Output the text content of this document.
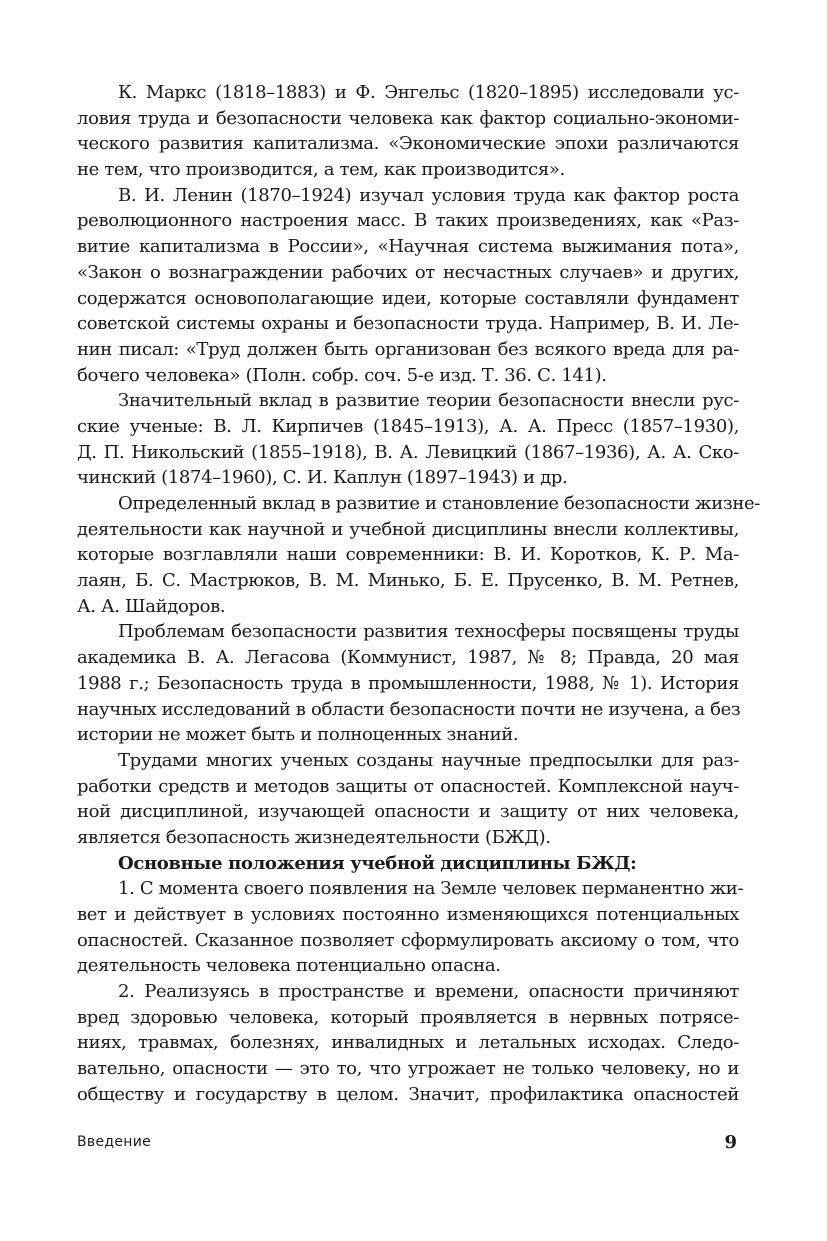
К. Маркс (1818–1883) и Ф. Энгельс (1820–1895) исследовали ус-
ловия труда и безопасности человека как фактор социально-экономи-
ческого развития капитализма. «Экономические эпохи различаются
не тем, что производится, а тем, как производится».
В. И. Ленин (1870–1924) изучал условия труда как фактор роста
революционного настроения масс. В таких произведениях, как «Раз-
витие капитализма в России», «Научная система выжимания пота»,
«Закон о вознаграждении рабочих от несчастных случаев» и других,
содержатся основополагающие идеи, которые составляли фундамент
советской системы охраны и безопасности труда. Например, В. И. Ле-
нин писал: «Труд должен быть организован без всякого вреда для ра-
бочего человека» (Полн. собр. соч. 5-е изд. Т. 36. С. 141).
Значительный вклад в развитие теории безопасности внесли рус-
ские ученые: В. Л. Кирпичев (1845–1913), А. А. Пресс (1857–1930),
Д. П. Никольский (1855–1918), В. А. Левицкий (1867–1936), А. А. Ско-
чинский (1874–1960), С. И. Каплун (1897–1943) и др.
Определенный вклад в развитие и становление безопасности жизне-
деятельности как научной и учебной дисциплины внесли коллективы,
которые возглавляли наши современники: В. И. Коротков, К. Р. Ма-
лаян, Б. С. Мастрюков, В. М. Минько, Б. Е. Прусенко, В. М. Ретнев,
А. А. Шайдоров.
Проблемам безопасности развития техносферы посвящены труды
академика В. А. Легасова (Коммунист, 1987, № 8; Правда, 20 мая
1988 г.; Безопасность труда в промышленности, 1988, № 1). История
научных исследований в области безопасности почти не изучена, а без
истории не может быть и полноценных знаний.
Трудами многих ученых созданы научные предпосылки для раз-
работки средств и методов защиты от опасностей. Комплексной науч-
ной дисциплиной, изучающей опасности и защиту от них человека,
является безопасность жизнедеятельности (БЖД).
Основные положения учебной дисциплины БЖД:
1. С момента своего появления на Земле человек перманентно жи-
вет и действует в условиях постоянно изменяющихся потенциальных
опасностей. Сказанное позволяет сформулировать аксиому о том, что
деятельность человека потенциально опасна.
2. Реализуясь в пространстве и времени, опасности причиняют
вред здоровью человека, который проявляется в нервных потрясе-
ниях, травмах, болезнях, инвалидных и летальных исходах. Следо-
вательно, опасности — это то, что угрожает не только человеку, но и
обществу и государству в целом. Значит, профилактика опасностей
Введение	9
